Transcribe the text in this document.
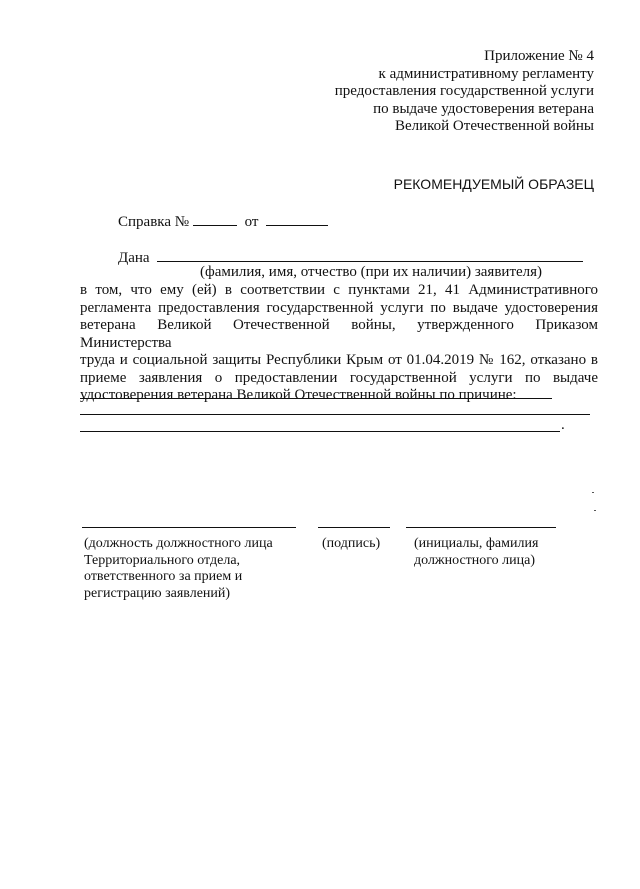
Приложение № 4
к административному регламенту
предоставления государственной услуги
по выдаче удостоверения ветерана
Великой Отечественной войны
РЕКОМЕНДУЕМЫЙ ОБРАЗЕЦ
Справка №	от
Дана
(фамилия, имя, отчество (при их наличии) заявителя)
в том, что ему (ей) в соответствии с пунктами 21, 41 Административного
регламента предоставления государственной услуги по выдаче удостоверения
ветерана Великой Отечественной войны, утвержденного Приказом Министерства
труда и социальной защиты Республики Крым от 01.04.2019 № 162, отказано в
приеме заявления о предоставлении государственной услуги по выдаче
удостоверения ветерана Великой Отечественной войны по причине:
.
(должность должностного лица
Территориального отдела,
ответственного за прием и
регистрацию заявлений)
(подпись) (инициалы, фамилия
должностного лица)
